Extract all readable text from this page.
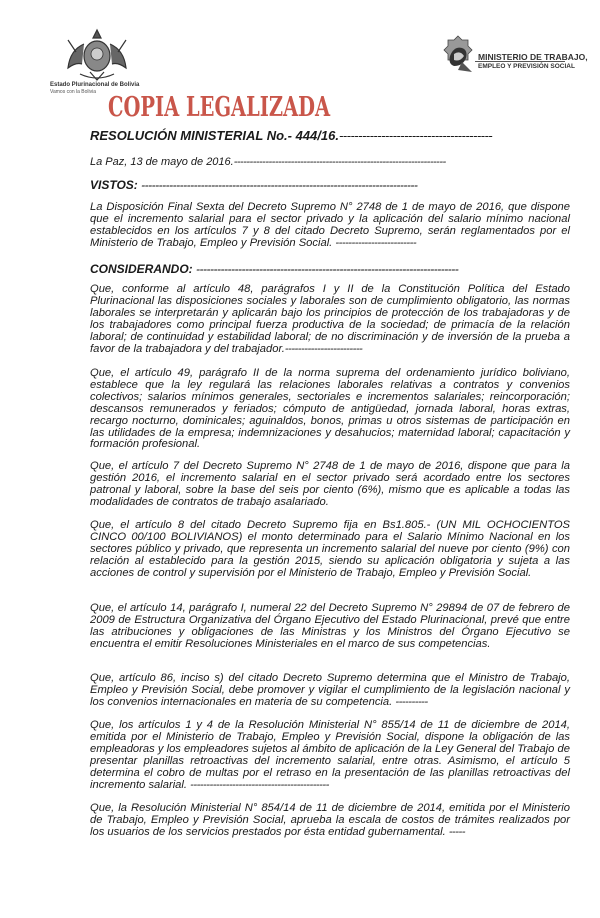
Estado Plurinacional de Bolivia
Vamos con la Bolivia COPIA LEGALIZADA
MINISTERIO DE TRABAJO,
EMPLEO Y PREVISIÓN SOCIAL
RESOLUCIÓN MINISTERIAL No.- 444/16.----------------------------------------
La Paz, 13 de mayo de 2016.-------------------------------------------------------------------
VISTOS: -------------------------------------------------------------------------------
La Disposición Final Sexta del Decreto Supremo N° 2748 de 1 de mayo de 2016, que dispone que el incremento salarial para el sector privado y la aplicación del salario mínimo nacional establecidos en los artículos 7 y 8 del citado Decreto Supremo, serán reglamentados por el Ministerio de Trabajo, Empleo y Previsión Social. -------------------------
CONSIDERANDO: ---------------------------------------------------------------------------
Que, conforme al artículo 48, parágrafos I y II de la Constitución Política del Estado Plurinacional las disposiciones sociales y laborales son de cumplimiento obligatorio, las normas laborales se interpretarán y aplicarán bajo los principios de protección de los trabajadoras y de los trabajadores como principal fuerza productiva de la sociedad; de primacía de la relación laboral; de continuidad y estabilidad laboral; de no discriminación y de inversión de la prueba a favor de la trabajadora y del trabajador.------------------------
Que, el artículo 49, parágrafo II de la norma suprema del ordenamiento jurídico boliviano, establece que la ley regulará las relaciones laborales relativas a contratos y convenios colectivos; salarios mínimos generales, sectoriales e incrementos salariales; reincorporación; descansos remunerados y feriados; cómputo de antigüedad, jornada laboral, horas extras, recargo nocturno, dominicales; aguinaldos, bonos, primas u otros sistemas de participación en las utilidades de la empresa; indemnizaciones y desahucios; maternidad laboral; capacitación y formación profesional.
Que, el artículo 7 del Decreto Supremo N° 2748 de 1 de mayo de 2016, dispone que para la gestión 2016, el incremento salarial en el sector privado será acordado entre los sectores patronal y laboral, sobre la base del seis por ciento (6%), mismo que es aplicable a todas las modalidades de contratos de trabajo asalariado.
Que, el artículo 8 del citado Decreto Supremo fija en Bs1.805.- (UN MIL OCHOCIENTOS CINCO 00/100 BOLIVIANOS) el monto determinado para el Salario Mínimo Nacional en los sectores público y privado, que representa un incremento salarial del nueve por ciento (9%) con relación al establecido para la gestión 2015, siendo su aplicación obligatoria y sujeta a las acciones de control y supervisión por el Ministerio de Trabajo, Empleo y Previsión Social.
Que, el artículo 14, parágrafo I, numeral 22 del Decreto Supremo N° 29894 de 07 de febrero de 2009 de Estructura Organizativa del Órgano Ejecutivo del Estado Plurinacional, prevé que entre las atribuciones y obligaciones de las Ministras y los Ministros del Órgano Ejecutivo se encuentra el emitir Resoluciones Ministeriales en el marco de sus competencias.
Que, artículo 86, inciso s) del citado Decreto Supremo determina que el Ministro de Trabajo, Empleo y Previsión Social, debe promover y vigilar el cumplimiento de la legislación nacional y los convenios internacionales en materia de su competencia. ----------
Que, los artículos 1 y 4 de la Resolución Ministerial N° 855/14 de 11 de diciembre de 2014, emitida por el Ministerio de Trabajo, Empleo y Previsión Social, dispone la obligación de las empleadoras y los empleadores sujetos al ámbito de aplicación de la Ley General del Trabajo de presentar planillas retroactivas del incremento salarial, entre otras. Asimismo, el artículo 5 determina el cobro de multas por el retraso en la presentación de las planillas retroactivas del incremento salarial. -------------------------------------------
Que, la Resolución Ministerial N° 854/14 de 11 de diciembre de 2014, emitida por el Ministerio de Trabajo, Empleo y Previsión Social, aprueba la escala de costos de trámites realizados por los usuarios de los servicios prestados por ésta entidad gubernamental. -----
